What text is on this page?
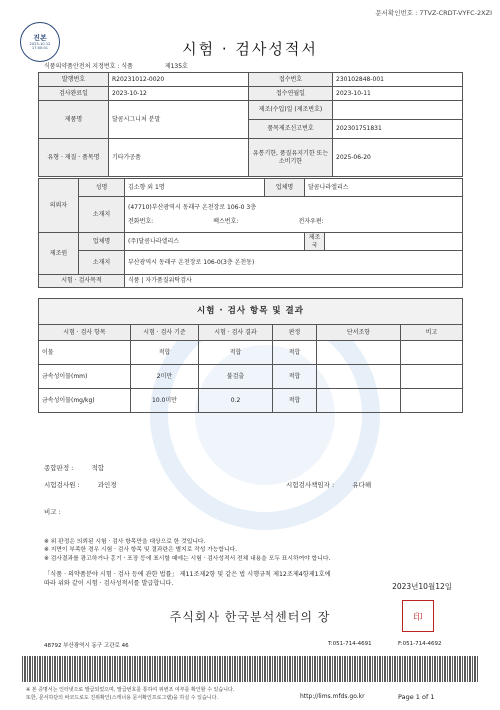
문서확인번호 : 7TVZ-CRDT-VYFC-2XZI
진본
2023-10-12
17:00:01	시험 · 검사성적서
식품의약품안전처 지정번호 : 식품	제135호
발행번호	R20231012-0020	접수번호	230102848-001
검사완료일	2023-10-12	접수연월일	2023-10-11
제품명	달콤시그니처 분말	제조(수입)일 (제조번호)	
		품목제조신고번호	202301751831
유형 · 재질 · 품목명	기타가공품	유통기한, 품질유지기한 또는 소비기한	2025-06-20
의뢰자	성명	김소향 외 1명	업체명	달콤나라엘리스	
	소재지	(47710)부산광역시 동래구 온천장로 106-0 3층
전화번호: 팩스번호: 전자우편:			

제조원	업체명	(주)달콤나라엘리스		제조국	
	소재지	부산광역시 동래구 온천장로 106-0(3층 온천동)			
시험 · 검사목적		식품 | 자가품질위탁검사			
시험 · 검사 항목 및 결과					
시험 · 검사 항목	시험 · 검사 기준	시험 · 검사 결과	판정	단서조항	비고
이물	적합	적합	적합		
금속성이물(mm)	2미만	불검출	적합		
금속성이물(mg/kg)	10.0미만	0.2	적합		
종합판정 :	적합
시험검사원 :	과인경	시험검사책임자 :	유다해
비고 :
※ 위 판정은 의뢰된 시험 · 검사 항목만을 대상으로 한 것입니다.
※ 지면이 부족한 경우 시험 · 검사 항목 및 결과란은 별지로 작성 가능합니다.
※ 검사결과를 광고하거나 홍기 · 포장 등에 표시할 때에는 시험 · 검사성적서 전체 내용을 모두 표시하여야 합니다.
「식품 · 의약품분야 시험 · 검사 등에 관한 법률」 제11조제2항 및 같은 법 시행규칙 제12조제4항제1호에
따라 위와 같이 시험 · 검사성적서를 발급합니다.	2023년10월12일
주식회사 한국분석센터의 장	印
48792 부산광역시 동구 고관로 46	T:051-714-4691	F:051-714-4692
※ 본 증명서는 인터넷으로 발급되었으며, 발급번호를 통하여 위변조 여부를 확인할 수 있습니다.
또한, 문서하단의 바코드로도 진위확인(스캐너용 문서확인프로그램)을 하실 수 있습니다.	http://lims.mfds.go.kr	Page 1 of 1
